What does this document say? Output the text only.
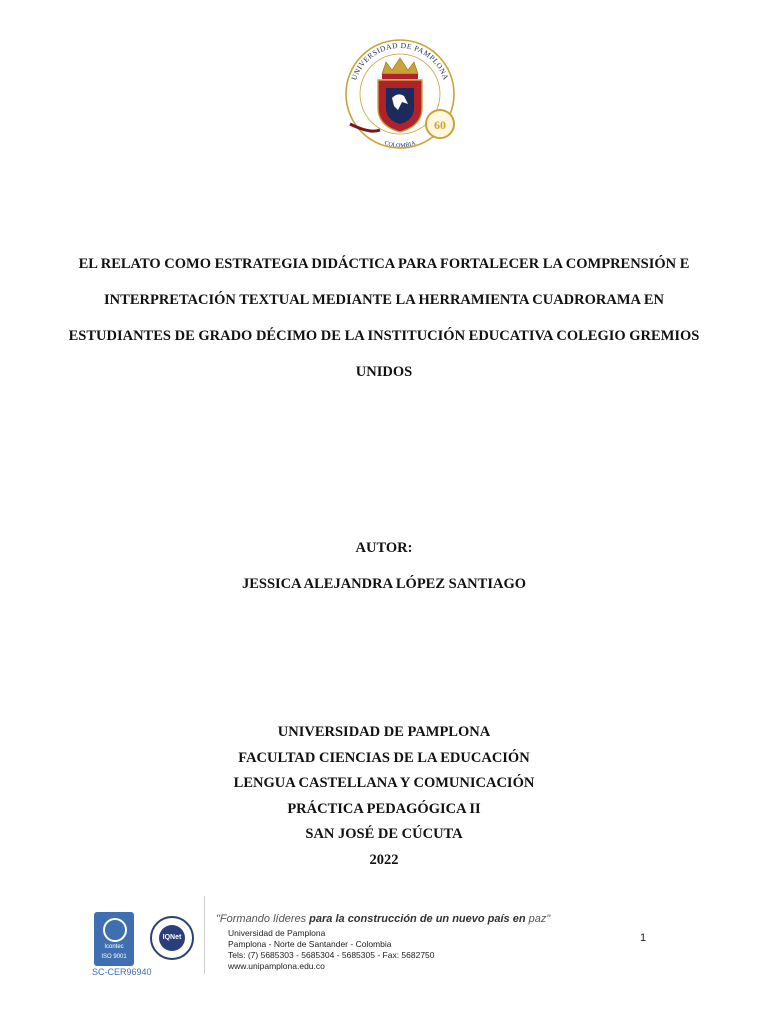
UNIVERSIDAD DE PAMPLONA
COLOMBIA
60
EL RELATO COMO ESTRATEGIA DIDÁCTICA PARA FORTALECER LA COMPRENSIÓN E
INTERPRETACIÓN TEXTUAL MEDIANTE LA HERRAMIENTA CUADRORAMA EN
ESTUDIANTES DE GRADO DÉCIMO DE LA INSTITUCIÓN EDUCATIVA COLEGIO GREMIOS
UNIDOS
AUTOR:
JESSICA ALEJANDRA LÓPEZ SANTIAGO
UNIVERSIDAD DE PAMPLONA
FACULTAD CIENCIAS DE LA EDUCACIÓN
LENGUA CASTELLANA Y COMUNICACIÓN
PRÁCTICA PEDAGÓGICA II
SAN JOSÉ DE CÚCUTA
2022
Icontec
ISO 9001
SC-CER96940
IQNet
"Formando líderes para la construcción de un nuevo país en paz"
Universidad de Pamplona
Pamplona - Norte de Santander - Colombia
Tels: (7) 5685303 - 5685304 - 5685305 - Fax: 5682750
www.unipamplona.edu.co
1
